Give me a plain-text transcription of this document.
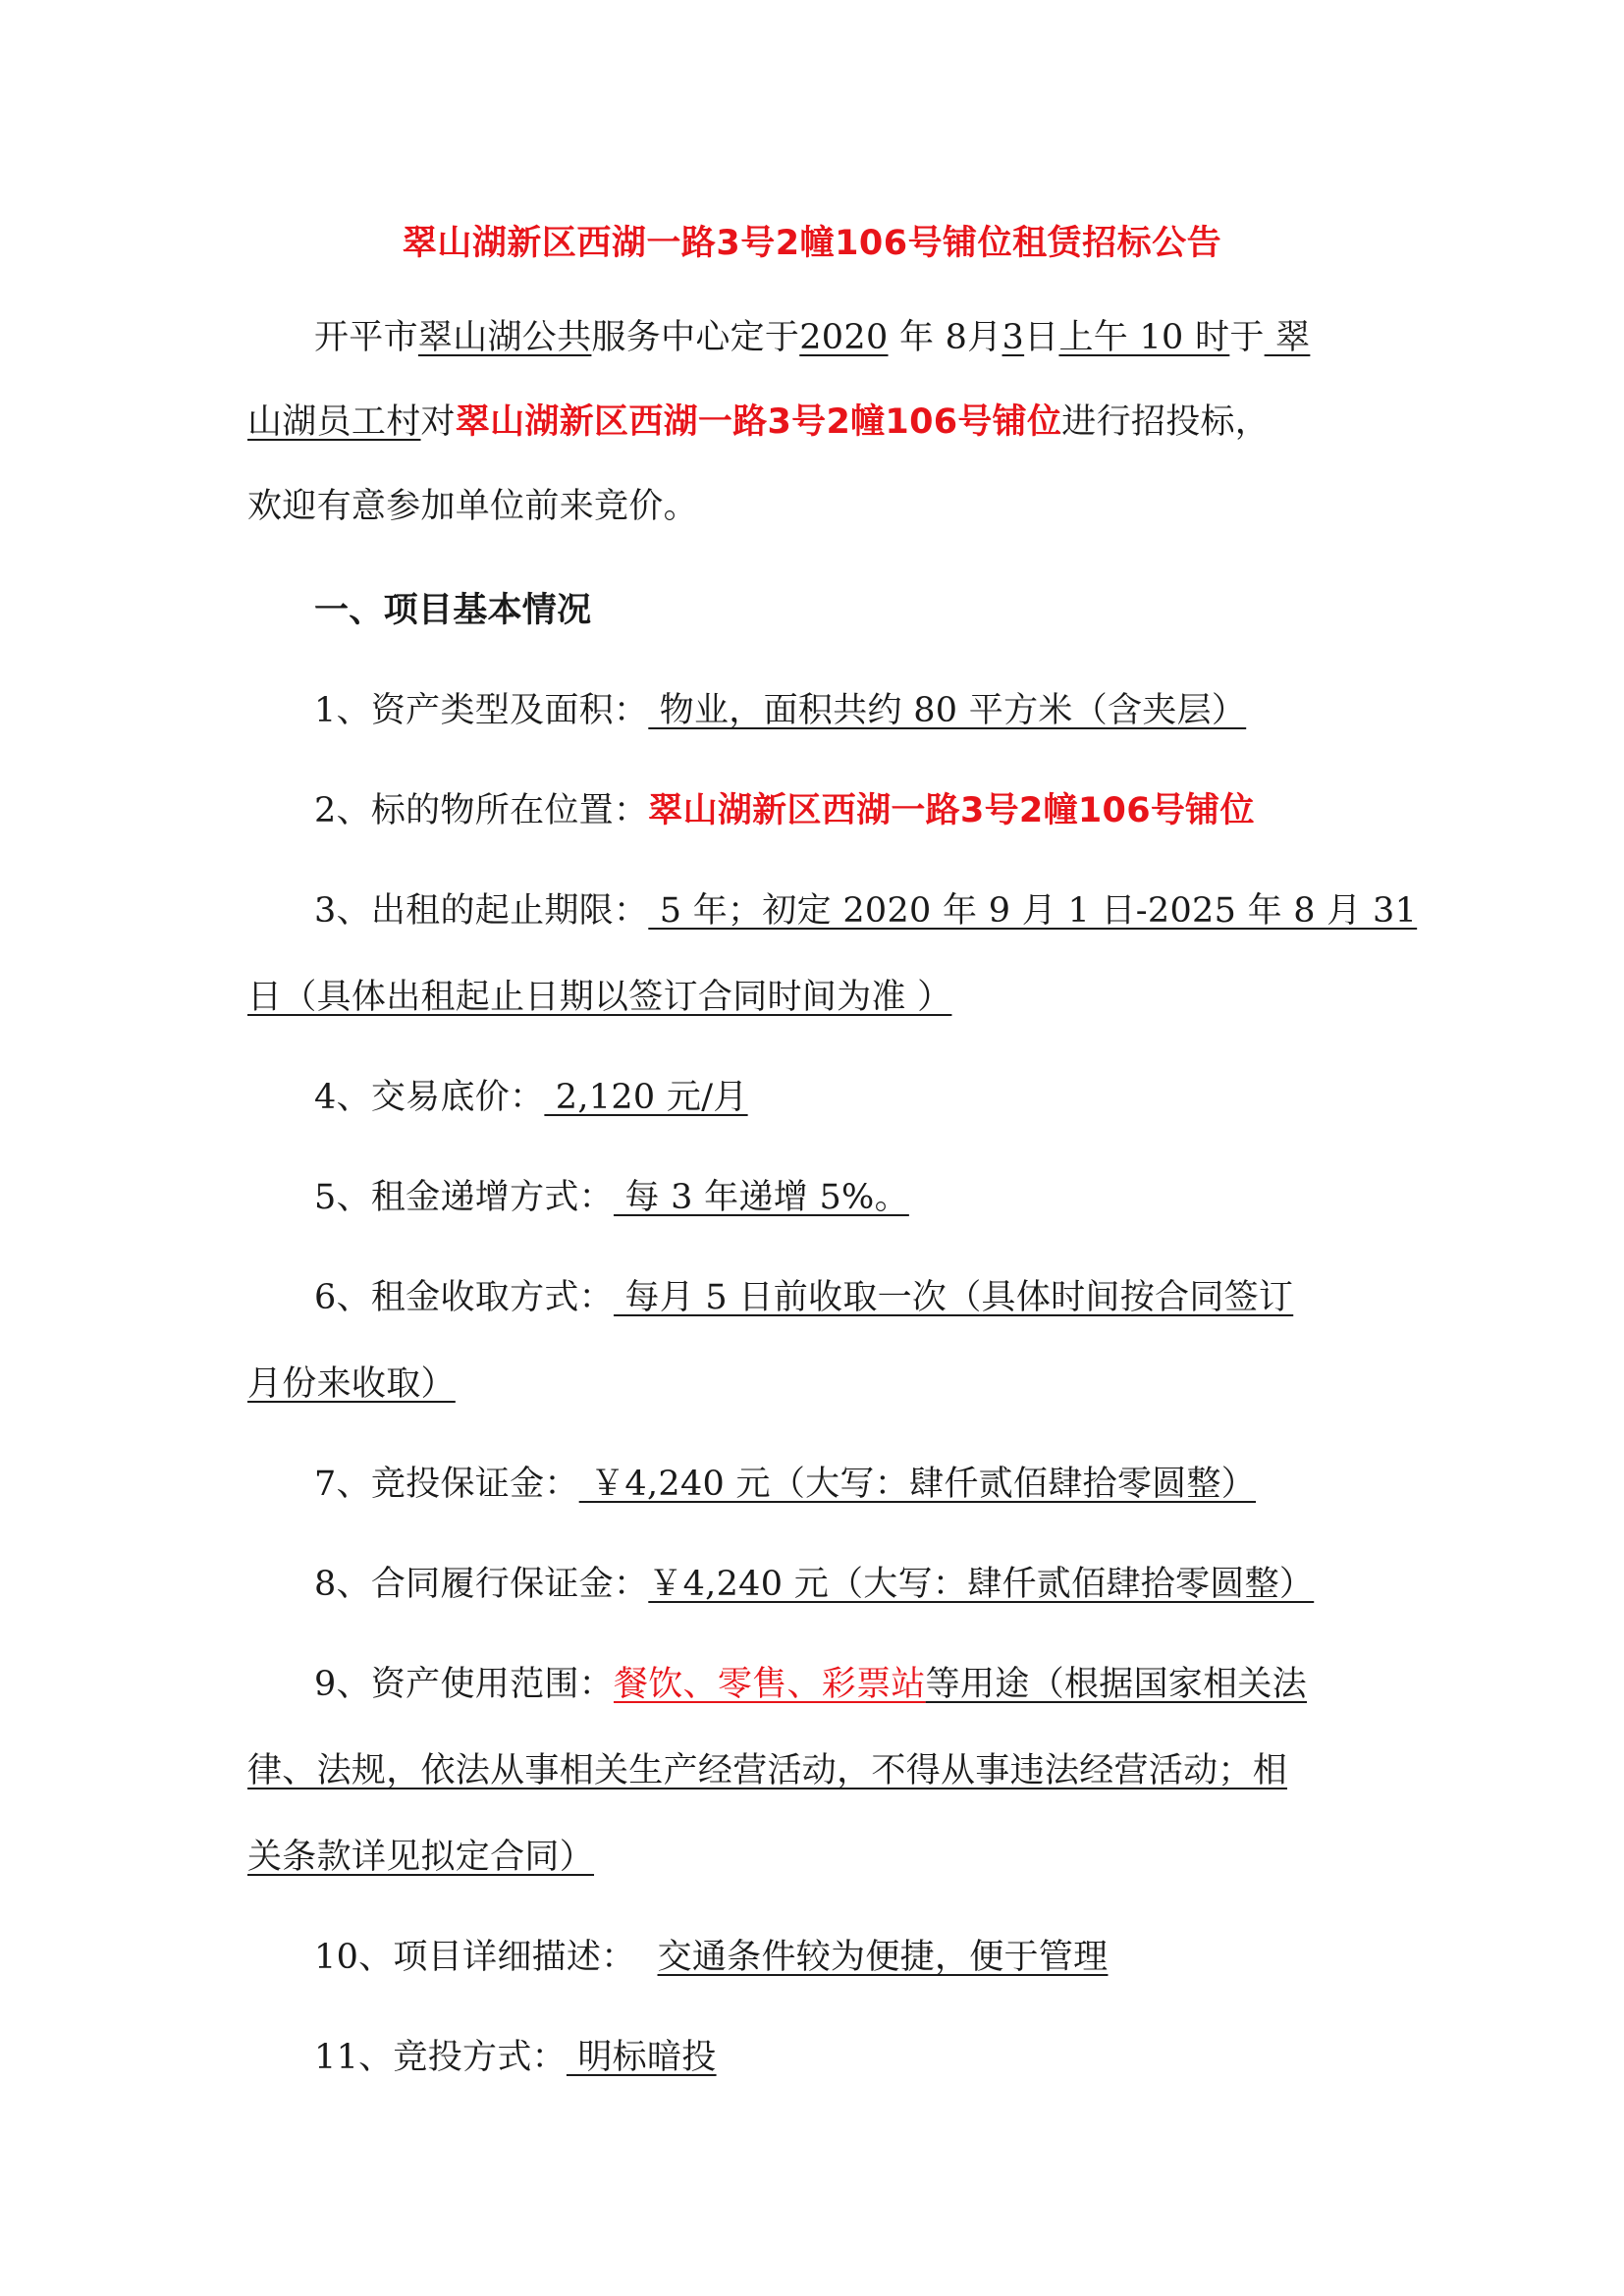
翠山湖新区西湖一路3号2幢106号铺位租赁招标公告
开平市翠山湖公共服务中心定于2020 年 8月3日上午 10 时于 翠
山湖员工村对翠山湖新区西湖一路3号2幢106号铺位进行招投标，
欢迎有意参加单位前来竞价。
一、项目基本情况
1、资产类型及面积： 物业，面积共约 80 平方米（含夹层）
2、标的物所在位置：翠山湖新区西湖一路3号2幢106号铺位
3、出租的起止期限： 5 年；初定 2020 年 9 月 1 日-2025 年 8 月 31
日（具体出租起止日期以签订合同时间为准 ）
4、交易底价： 2,120 元/月
5、租金递增方式： 每 3 年递增 5%。
6、租金收取方式： 每月 5 日前收取一次（具体时间按合同签订
月份来收取）
7、竞投保证金： ￥4,240 元（大写：肆仟贰佰肆拾零圆整）
8、合同履行保证金：￥4,240 元（大写：肆仟贰佰肆拾零圆整）
9、资产使用范围：餐饮、零售、彩票站等用途（根据国家相关法
律、法规，依法从事相关生产经营活动，不得从事违法经营活动；相
关条款详见拟定合同）
10、项目详细描述： 交通条件较为便捷，便于管理
11、竞投方式： 明标暗投
